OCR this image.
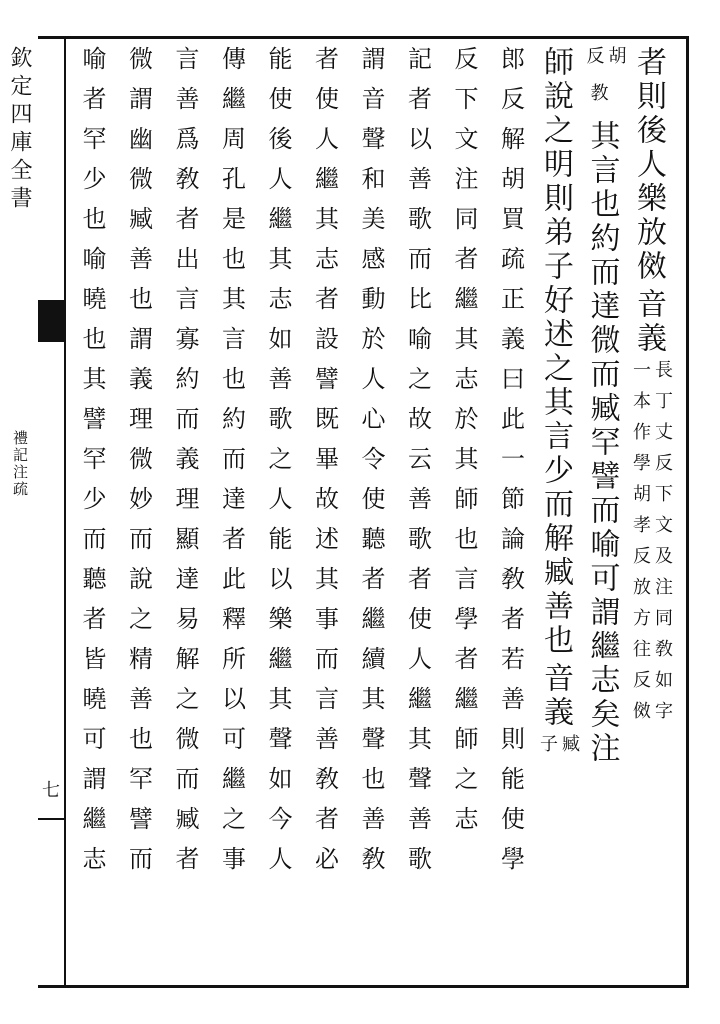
欽定四庫全書
禮記注疏
七
者則後人樂放傚
音義
長丁丈反下文及注同敎如字
一本作學胡孝反放方往反傚
胡
反
教
其言也約而達微而臧罕譬而喻可謂繼志矣注
師說之明則弟子好述之其言少而解臧善也
音義
臧
子
郎反解胡買疏正義曰此一節論敎者若善則能使學
反下文注同者繼其志於其師也言學者繼師之志
記者以善歌而比喻之故云善歌者使人繼其聲善歌
謂音聲和美感動於人心令使聽者繼續其聲也善敎
者使人繼其志者設譬既畢故述其事而言善敎者必
能使後人繼其志如善歌之人能以樂繼其聲如今人
傳繼周孔是也其言也約而達者此釋所以可繼之事
言善爲敎者出言寡約而義理顯達易解之微而臧者
微謂幽微臧善也謂義理微妙而說之精善也罕譬而
喻者罕少也喻曉也其譬罕少而聽者皆曉可謂繼志
